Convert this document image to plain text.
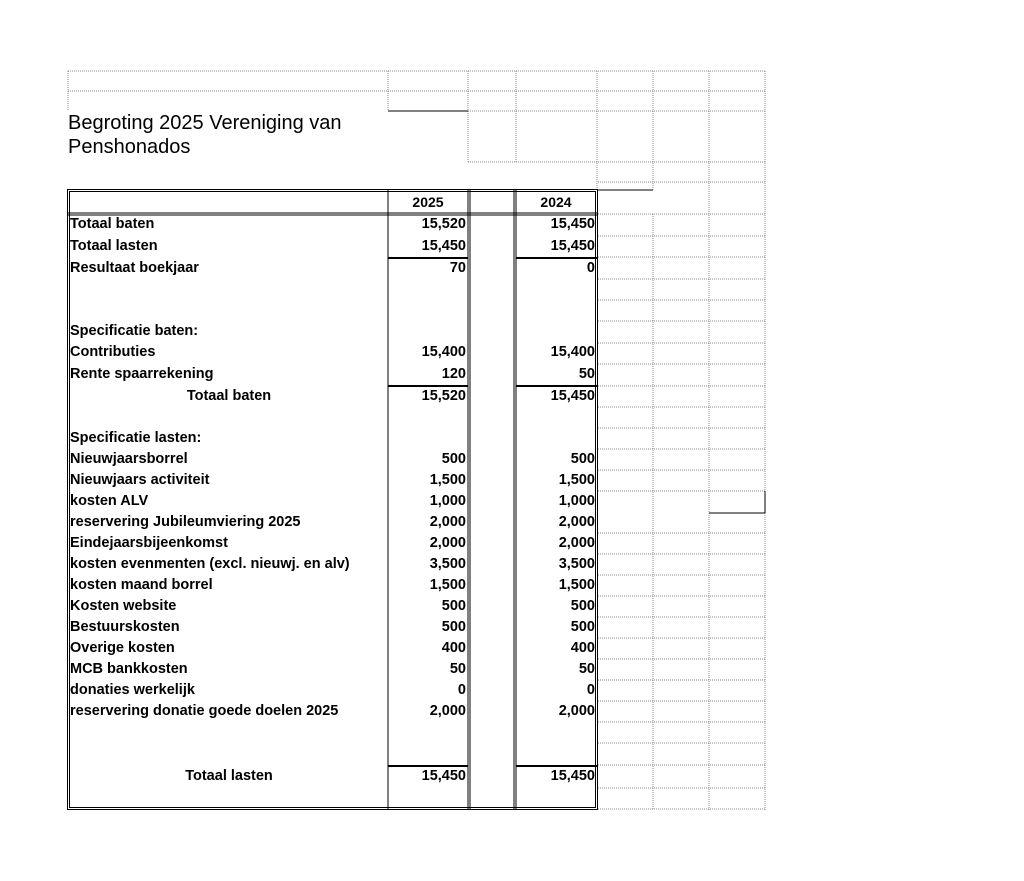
Begroting 2025 Vereniging van Penshonados
2025	2024
Totaal baten	15,520	15,450
Totaal lasten	15,450	15,450
Resultaat boekjaar	70	0
Specificatie baten:
Contributies	15,400	15,400
Rente spaarrekening	120	50
Totaal baten	15,520	15,450
Specificatie lasten:
Nieuwjaarsborrel	500	500
Nieuwjaars activiteit	1,500	1,500
kosten ALV	1,000	1,000
reservering Jubileumviering 2025	2,000	2,000
Eindejaarsbijeenkomst	2,000	2,000
kosten evenmenten (excl. nieuwj. en alv)	3,500	3,500
kosten maand borrel	1,500	1,500
Kosten website	500	500
Bestuurskosten	500	500
Overige kosten	400	400
MCB bankkosten	50	50
donaties werkelijk	0	0
reservering donatie goede doelen 2025	2,000	2,000
Totaal lasten	15,450	15,450
